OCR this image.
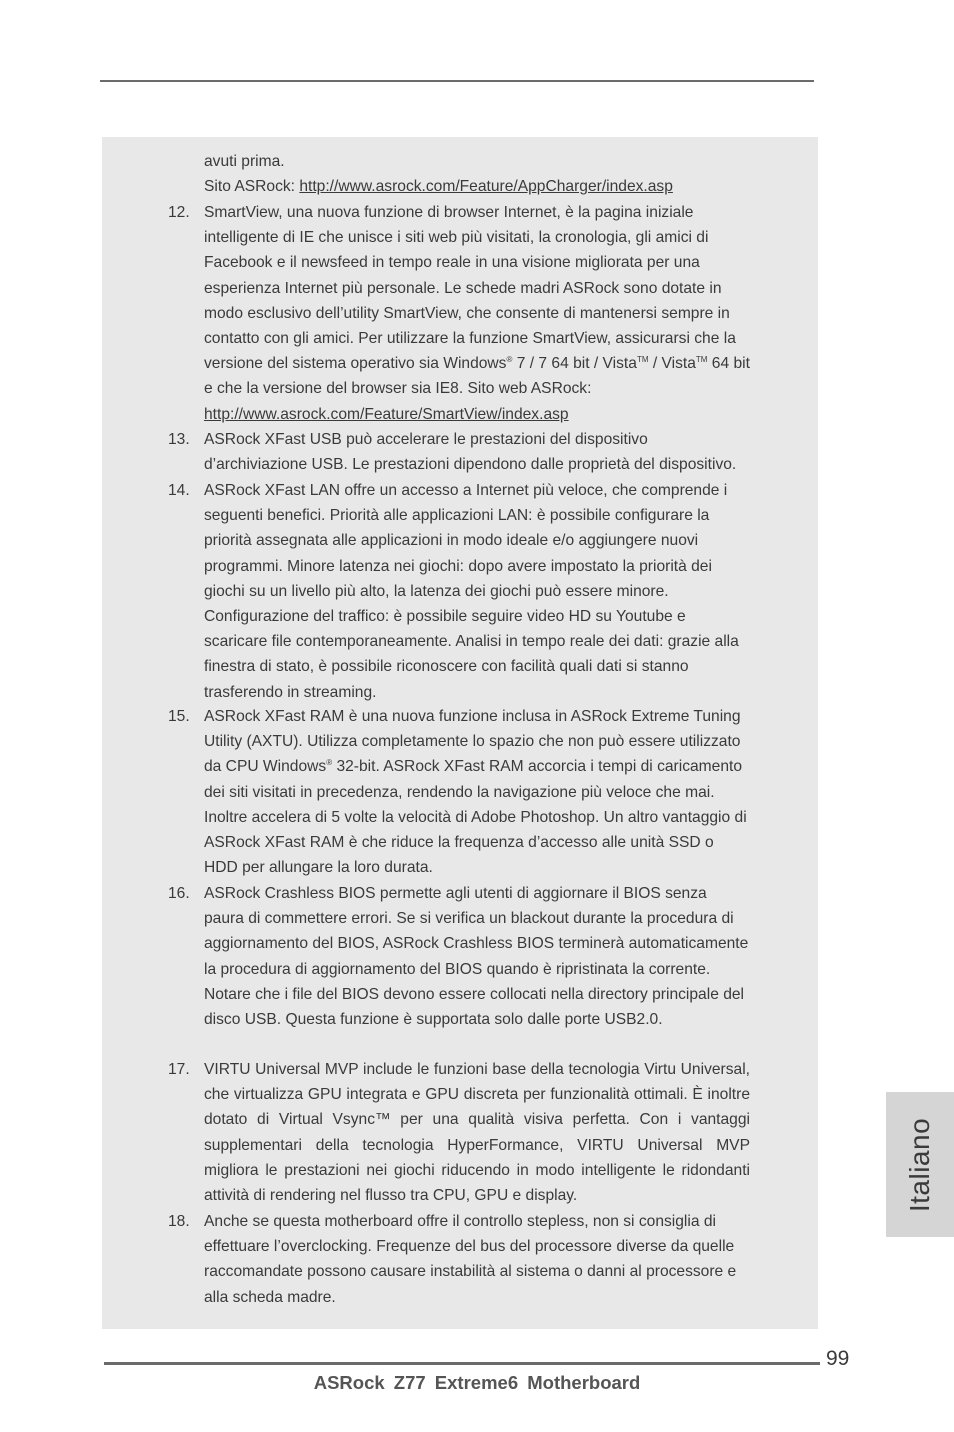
avuti prima.
Sito ASRock: http://www.asrock.com/Feature/AppCharger/index.asp
12. SmartView, una nuova funzione di browser Internet, è la pagina iniziale intelligente di IE che unisce i siti web più visitati, la cronologia, gli amici di Facebook e il newsfeed in tempo reale in una visione migliorata per una esperienza Internet più personale. Le schede madri ASRock sono dotate in modo esclusivo dell’utility SmartView, che consente di mantenersi sempre in contatto con gli amici. Per utilizzare la funzione SmartView, assicurarsi che la versione del sistema operativo sia Windows® 7 / 7 64 bit / Vista™ / Vista™ 64 bit e che la versione del browser sia IE8. Sito web ASRock: http://www.asrock.com/Feature/SmartView/index.asp
13. ASRock XFast USB può accelerare le prestazioni del dispositivo d’archiviazione USB. Le prestazioni dipendono dalle proprietà del dispositivo.
14. ASRock XFast LAN offre un accesso a Internet più veloce, che comprende i seguenti benefici. Priorità alle applicazioni LAN: è possibile configurare la priorità assegnata alle applicazioni in modo ideale e/o aggiungere nuovi programmi. Minore latenza nei giochi: dopo avere impostato la priorità dei giochi su un livello più alto, la latenza dei giochi può essere minore. Configurazione del traffico: è possibile seguire video HD su Youtube e scaricare file contemporaneamente. Analisi in tempo reale dei dati: grazie alla finestra di stato, è possibile riconoscere con facilità quali dati si stanno trasferendo in streaming.
15. ASRock XFast RAM è una nuova funzione inclusa in ASRock Extreme Tuning Utility (AXTU). Utilizza completamente lo spazio che non può essere utilizzato da CPU Windows® 32-bit. ASRock XFast RAM accorcia i tempi di caricamento dei siti visitati in precedenza, rendendo la navigazione più veloce che mai. Inoltre accelera di 5 volte la velocità di Adobe Photoshop. Un altro vantaggio di ASRock XFast RAM è che riduce la frequenza d’accesso alle unità SSD o HDD per allungare la loro durata.
16. ASRock Crashless BIOS permette agli utenti di aggiornare il BIOS senza paura di commettere errori. Se si verifica un blackout durante la procedura di aggiornamento del BIOS, ASRock Crashless BIOS terminerà automaticamente la procedura di aggiornamento del BIOS quando è ripristinata la corrente. Notare che i file del BIOS devono essere collocati nella directory principale del disco USB. Questa funzione è supportata solo dalle porte USB2.0.
17. VIRTU Universal MVP include le funzioni base della tecnologia Virtu Universal, che virtualizza GPU integrata e GPU discreta per funzionalità ottimali. È inoltre dotato di Virtual Vsync™ per una qualità visiva perfetta. Con i vantaggi supplementari della tecnologia HyperFormance, VIRTU Universal MVP migliora le prestazioni nei giochi riducendo in modo intelligente le ridondanti attività di rendering nel flusso tra CPU, GPU e display.
18. Anche se questa motherboard offre il controllo stepless, non si consiglia di effettuare l’overclocking. Frequenze del bus del processore diverse da quelle raccomandate possono causare instabilità al sistema o danni al processore e alla scheda madre.
Italiano
99
ASRock Z77 Extreme6 Motherboard
